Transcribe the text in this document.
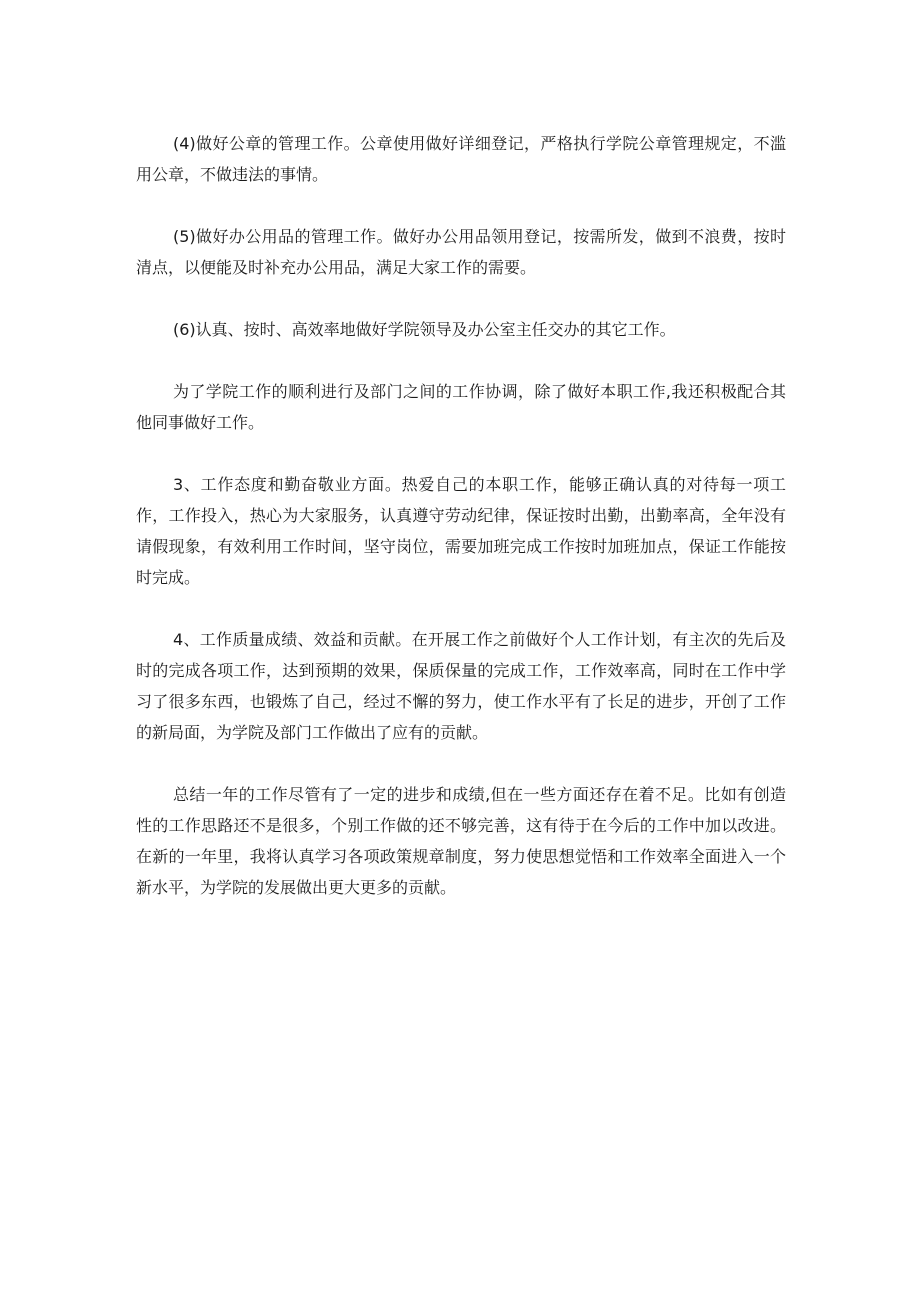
(4)做好公章的管理工作。公章使用做好详细登记，严格执行学院公章管理规定，不滥用公章，不做违法的事情。

(5)做好办公用品的管理工作。做好办公用品领用登记，按需所发，做到不浪费，按时清点，以便能及时补充办公用品，满足大家工作的需要。

(6)认真、按时、高效率地做好学院领导及办公室主任交办的其它工作。

为了学院工作的顺利进行及部门之间的工作协调，除了做好本职工作,我还积极配合其他同事做好工作。

3、工作态度和勤奋敬业方面。热爱自己的本职工作，能够正确认真的对待每一项工作，工作投入，热心为大家服务，认真遵守劳动纪律，保证按时出勤，出勤率高，全年没有请假现象，有效利用工作时间，坚守岗位，需要加班完成工作按时加班加点，保证工作能按时完成。

4、工作质量成绩、效益和贡献。在开展工作之前做好个人工作计划，有主次的先后及时的完成各项工作，达到预期的效果，保质保量的完成工作，工作效率高，同时在工作中学习了很多东西，也锻炼了自己，经过不懈的努力，使工作水平有了长足的进步，开创了工作的新局面，为学院及部门工作做出了应有的贡献。

总结一年的工作尽管有了一定的进步和成绩,但在一些方面还存在着不足。比如有创造性的工作思路还不是很多，个别工作做的还不够完善，这有待于在今后的工作中加以改进。在新的一年里，我将认真学习各项政策规章制度，努力使思想觉悟和工作效率全面进入一个新水平，为学院的发展做出更大更多的贡献。
